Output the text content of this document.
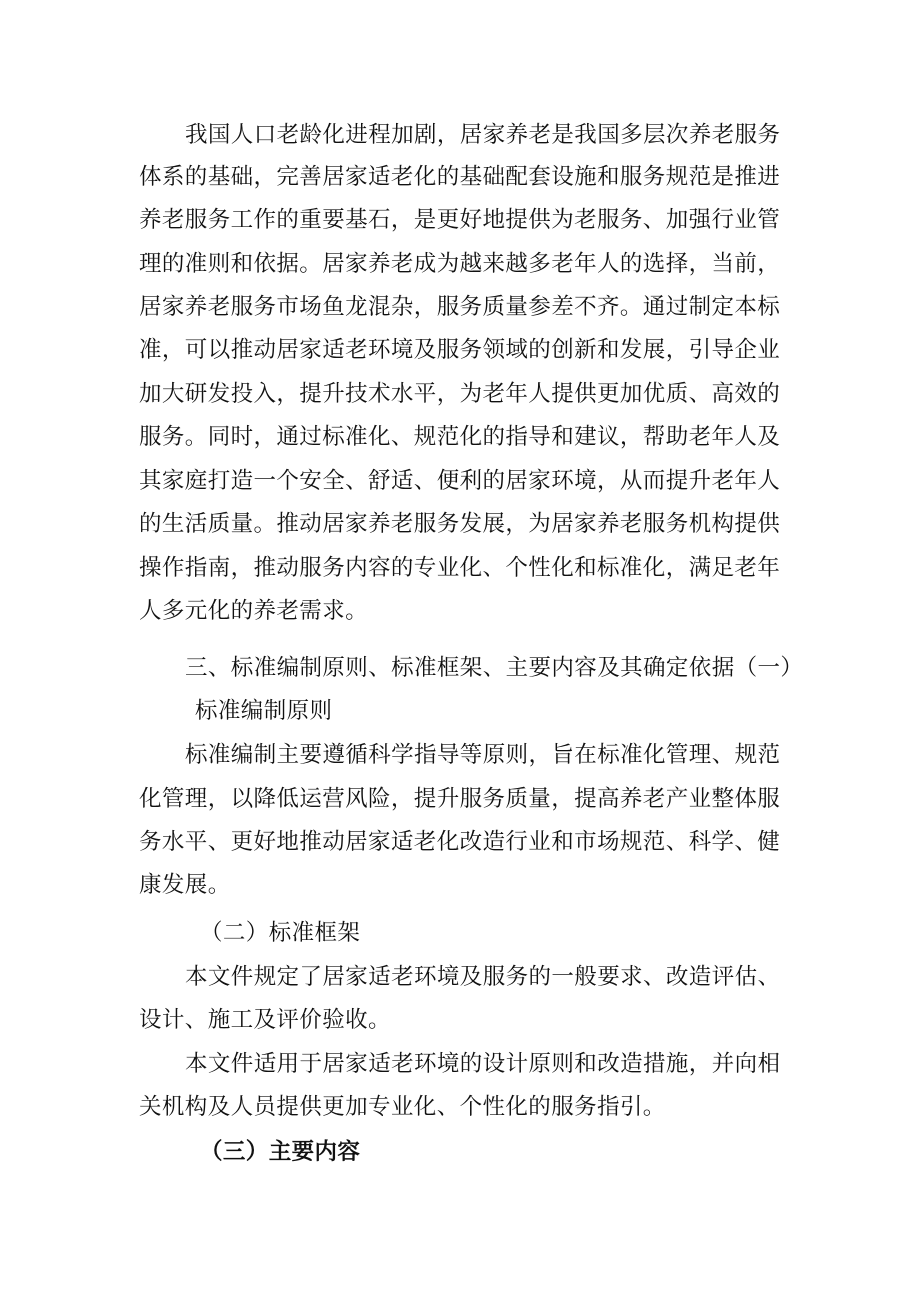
我国人口老龄化进程加剧，居家养老是我国多层次养老服务
体系的基础，完善居家适老化的基础配套设施和服务规范是推进
养老服务工作的重要基石，是更好地提供为老服务、加强行业管
理的准则和依据。居家养老成为越来越多老年人的选择，当前，
居家养老服务市场鱼龙混杂，服务质量参差不齐。通过制定本标
准，可以推动居家适老环境及服务领域的创新和发展，引导企业
加大研发投入，提升技术水平，为老年人提供更加优质、高效的
服务。同时，通过标准化、规范化的指导和建议，帮助老年人及
其家庭打造一个安全、舒适、便利的居家环境，从而提升老年人
的生活质量。推动居家养老服务发展，为居家养老服务机构提供
操作指南，推动服务内容的专业化、个性化和标准化，满足老年
人多元化的养老需求。
三、标准编制原则、标准框架、主要内容及其确定依据（一）
标准编制原则
标准编制主要遵循科学指导等原则，旨在标准化管理、规范
化管理，以降低运营风险，提升服务质量，提高养老产业整体服
务水平、更好地推动居家适老化改造行业和市场规范、科学、健
康发展。
（二）标准框架
本文件规定了居家适老环境及服务的一般要求、改造评估、
设计、施工及评价验收。
本文件适用于居家适老环境的设计原则和改造措施，并向相
关机构及人员提供更加专业化、个性化的服务指引。
（三）主要内容
